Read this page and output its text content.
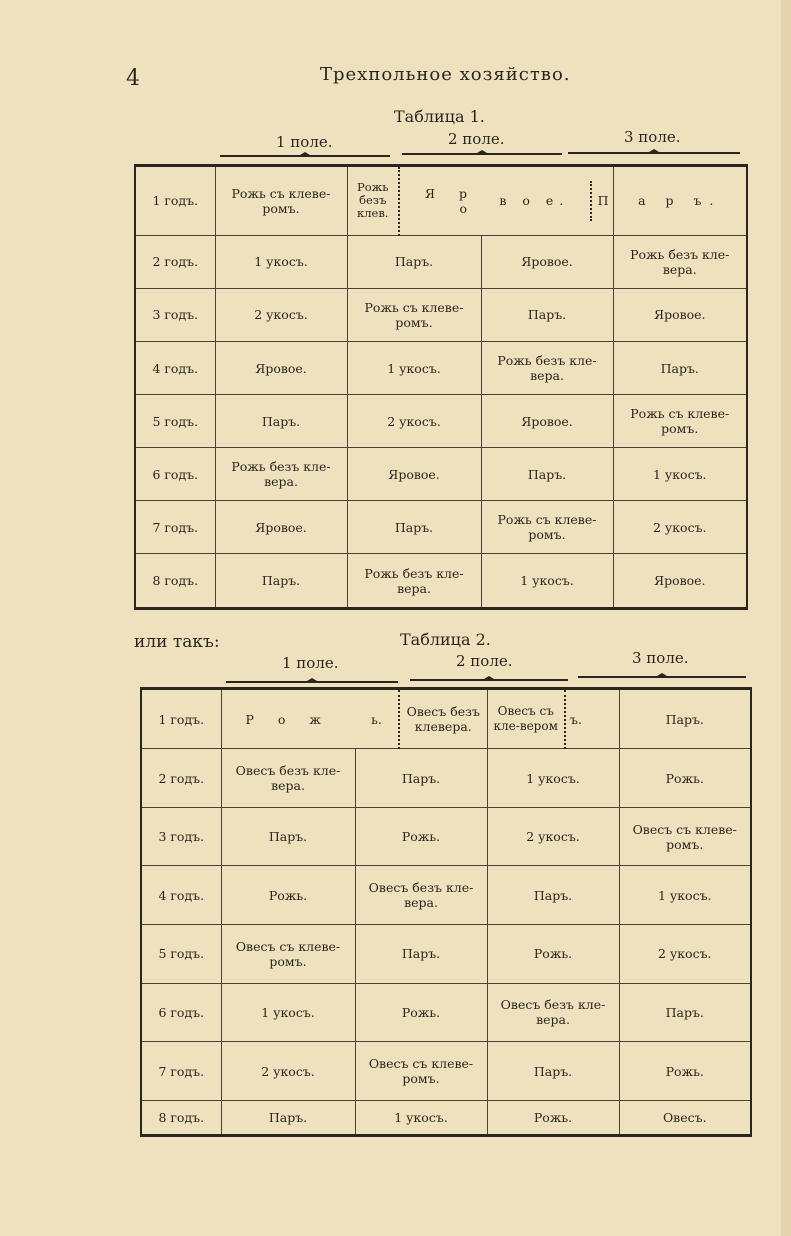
4	Трехпольное хозяйство.
Таблица 1.
1 поле.	2 поле.	3 поле.
1 годъ.	Рожь съ клеве-ромъ.	Рожь безъ клев.	Я р о	в о е. П	а р ъ.
2 годъ.	1 укосъ.	Паръ.		Яровое.	Рожь безъ кле-вера.
3 годъ.	2 укосъ.	Рожь съ клеве-ромъ.		Паръ.	Яровое.
4 годъ.	Яровое.	1 укосъ.		Рожь безъ кле-вера.	Паръ.
5 годъ.	Паръ.	2 укосъ.		Яровое.	Рожь съ клеве-ромъ.
6 годъ.	Рожь безъ кле-вера.	Яровое.		Паръ.	1 укосъ.
7 годъ.	Яровое.	Паръ.		Рожь съ клеве-ромъ.	2 укосъ.
8 годъ.	Паръ.	Рожь безъ кле-вера.		1 укосъ.	Яровое.
или такъ:	Таблица 2.
1 поле.	2 поле.	3 поле.
1 годъ.	Р о ж	ь.	Овесъ безъ клевера.	Овесъ съ кле-вером	ъ.	Паръ.
2 годъ.	Овесъ безъ кле-вера.	Паръ.		1 укосъ.		Рожь.
3 годъ.	Паръ.	Рожь.		2 укосъ.		Овесъ съ клеве-ромъ.
4 годъ.	Рожь.	Овесъ безъ кле-вера.		Паръ.		1 укосъ.
5 годъ.	Овесъ съ клеве-ромъ.	Паръ.		Рожь.		2 укосъ.
6 годъ.	1 укосъ.	Рожь.		Овесъ безъ кле-вера.		Паръ.
7 годъ.	2 укосъ.	Овесъ съ клеве-ромъ.		Паръ.		Рожь.
8 годъ.	Паръ.	1 укосъ.		Рожь.		Овесъ.
